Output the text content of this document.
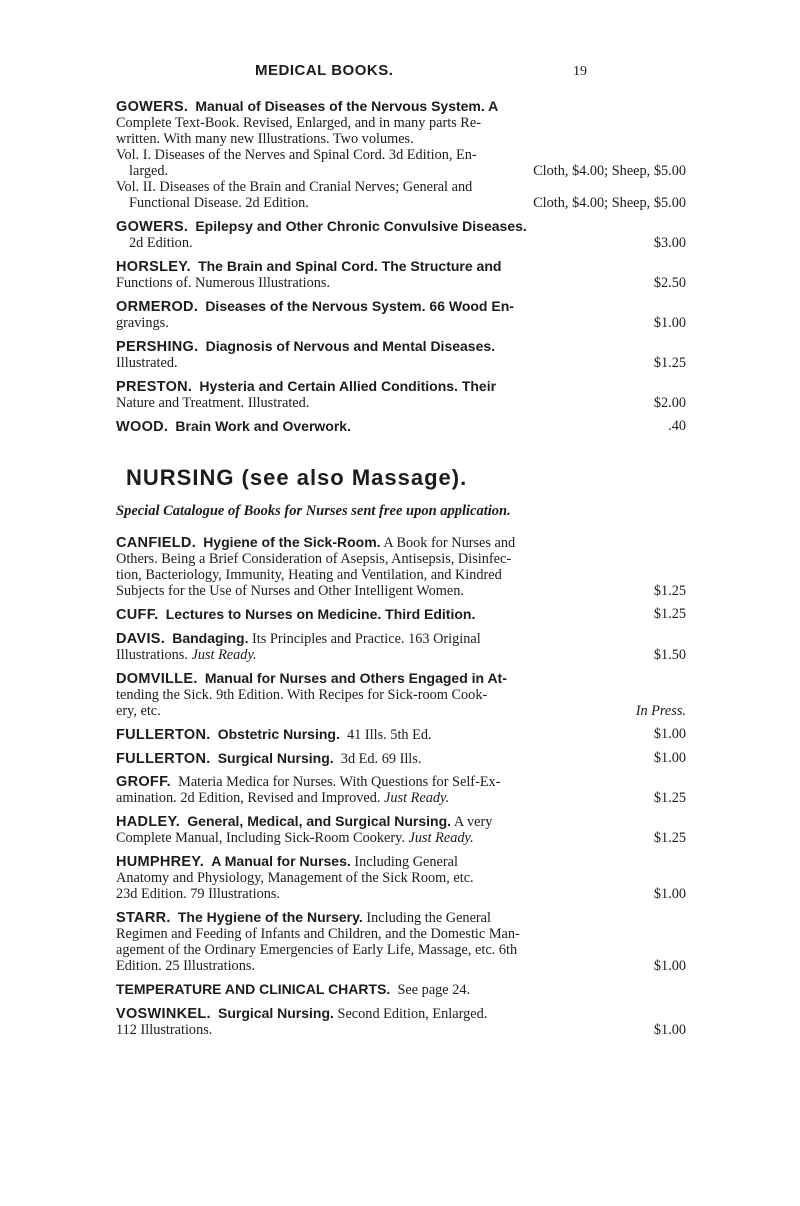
MEDICAL BOOKS.	19
GOWERS. Manual of Diseases of the Nervous System. A
Complete Text-Book. Revised, Enlarged, and in many parts Re-
written. With many new Illustrations. Two volumes.
Vol. I. Diseases of the Nerves and Spinal Cord. 3d Edition, En-
larged.	Cloth, $4.00; Sheep, $5.00
Vol. II. Diseases of the Brain and Cranial Nerves; General and
Functional Disease. 2d Edition.	Cloth, $4.00; Sheep, $5.00
GOWERS. Epilepsy and Other Chronic Convulsive Diseases.
2d Edition.	$3.00
HORSLEY. The Brain and Spinal Cord. The Structure and
Functions of. Numerous Illustrations.	$2.50
ORMEROD. Diseases of the Nervous System. 66 Wood En-
gravings.	$1.00
PERSHING. Diagnosis of Nervous and Mental Diseases.
Illustrated.	$1.25
PRESTON. Hysteria and Certain Allied Conditions. Their
Nature and Treatment. Illustrated.	$2.00
WOOD. Brain Work and Overwork.	.40
NURSING (see also Massage).
Special Catalogue of Books for Nurses sent free upon application.
CANFIELD. Hygiene of the Sick-Room. A Book for Nurses and
Others. Being a Brief Consideration of Asepsis, Antisepsis, Disinfec-
tion, Bacteriology, Immunity, Heating and Ventilation, and Kindred
Subjects for the Use of Nurses and Other Intelligent Women.	$1.25
CUFF. Lectures to Nurses on Medicine. Third Edition.	$1.25
DAVIS. Bandaging. Its Principles and Practice. 163 Original
Illustrations. Just Ready.	$1.50
DOMVILLE. Manual for Nurses and Others Engaged in At-
tending the Sick. 9th Edition. With Recipes for Sick-room Cook-
ery, etc.	In Press.
FULLERTON. Obstetric Nursing. 41 Ills. 5th Ed.	$1.00
FULLERTON. Surgical Nursing. 3d Ed. 69 Ills.	$1.00
GROFF. Materia Medica for Nurses. With Questions for Self-Ex-
amination. 2d Edition, Revised and Improved. Just Ready.	$1.25
HADLEY. General, Medical, and Surgical Nursing. A very
Complete Manual, Including Sick-Room Cookery. Just Ready.	$1.25
HUMPHREY. A Manual for Nurses. Including General
Anatomy and Physiology, Management of the Sick Room, etc.
23d Edition. 79 Illustrations.	$1.00
STARR. The Hygiene of the Nursery. Including the General
Regimen and Feeding of Infants and Children, and the Domestic Man-
agement of the Ordinary Emergencies of Early Life, Massage, etc. 6th
Edition. 25 Illustrations.	$1.00
TEMPERATURE AND CLINICAL CHARTS. See page 24.
VOSWINKEL. Surgical Nursing. Second Edition, Enlarged.
112 Illustrations.	$1.00
